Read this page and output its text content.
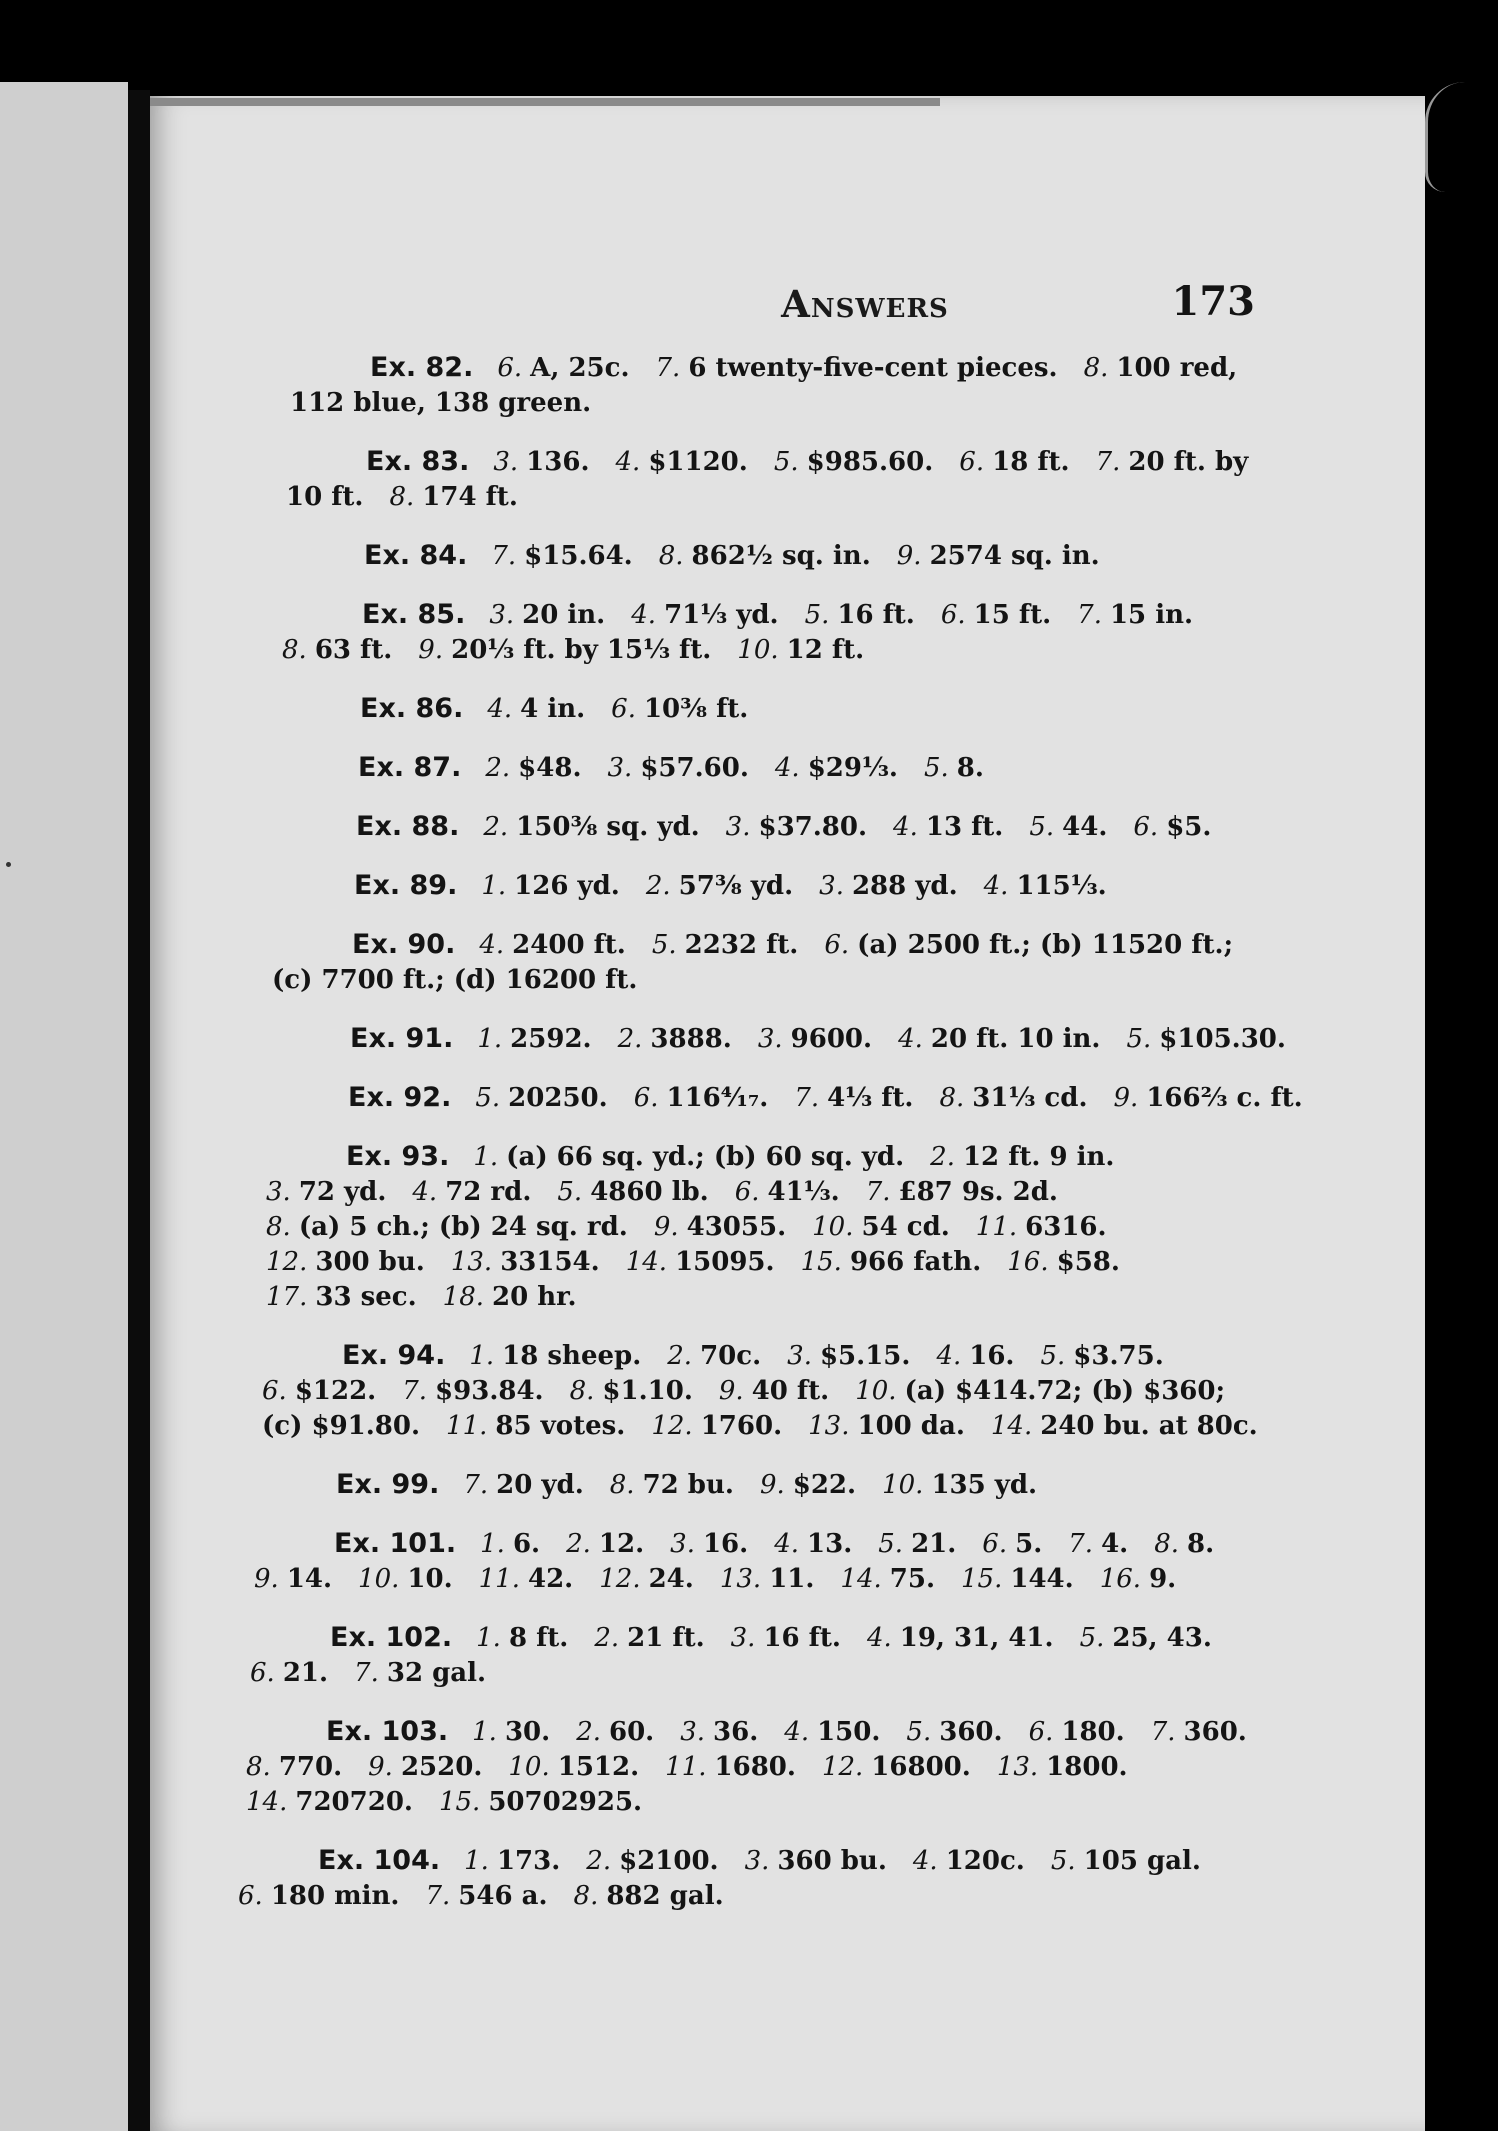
Answers	173
Ex. 82. 6. A, 25c. 7. 6 twenty-five-cent pieces. 8. 100 red,
112 blue, 138 green.
Ex. 83. 3. 136. 4. $1120. 5. $985.60. 6. 18 ft. 7. 20 ft. by
10 ft. 8. 174 ft.
Ex. 84. 7. $15.64. 8. 862½ sq. in. 9. 2574 sq. in.
Ex. 85. 3. 20 in. 4. 71⅓ yd. 5. 16 ft. 6. 15 ft. 7. 15 in.
8. 63 ft. 9. 20⅓ ft. by 15⅓ ft. 10. 12 ft.
Ex. 86. 4. 4 in. 6. 10⅜ ft.
Ex. 87. 2. $48. 3. $57.60. 4. $29⅓. 5. 8.
Ex. 88. 2. 150⅜ sq. yd. 3. $37.80. 4. 13 ft. 5. 44. 6. $5.
Ex. 89. 1. 126 yd. 2. 57⅜ yd. 3. 288 yd. 4. 115⅓.
Ex. 90. 4. 2400 ft. 5. 2232 ft. 6. (a) 2500 ft.; (b) 11520 ft.;
(c) 7700 ft.; (d) 16200 ft.
Ex. 91. 1. 2592. 2. 3888. 3. 9600. 4. 20 ft. 10 in. 5. $105.30.
Ex. 92. 5. 20250. 6. 116⁴⁄₁₇. 7. 4⅓ ft. 8. 31⅓ cd. 9. 166⅔ c. ft.
Ex. 93. 1. (a) 66 sq. yd.; (b) 60 sq. yd. 2. 12 ft. 9 in.
3. 72 yd. 4. 72 rd. 5. 4860 lb. 6. 41⅓. 7. £87 9s. 2d.
8. (a) 5 ch.; (b) 24 sq. rd. 9. 43055. 10. 54 cd. 11. 6316.
12. 300 bu. 13. 33154. 14. 15095. 15. 966 fath. 16. $58.
17. 33 sec. 18. 20 hr.
Ex. 94. 1. 18 sheep. 2. 70c. 3. $5.15. 4. 16. 5. $3.75.
6. $122. 7. $93.84. 8. $1.10. 9. 40 ft. 10. (a) $414.72; (b) $360;
(c) $91.80. 11. 85 votes. 12. 1760. 13. 100 da. 14. 240 bu. at 80c.
Ex. 99. 7. 20 yd. 8. 72 bu. 9. $22. 10. 135 yd.
Ex. 101. 1. 6. 2. 12. 3. 16. 4. 13. 5. 21. 6. 5. 7. 4. 8. 8.
9. 14. 10. 10. 11. 42. 12. 24. 13. 11. 14. 75. 15. 144. 16. 9.
Ex. 102. 1. 8 ft. 2. 21 ft. 3. 16 ft. 4. 19, 31, 41. 5. 25, 43.
6. 21. 7. 32 gal.
Ex. 103. 1. 30. 2. 60. 3. 36. 4. 150. 5. 360. 6. 180. 7. 360.
8. 770. 9. 2520. 10. 1512. 11. 1680. 12. 16800. 13. 1800.
14. 720720. 15. 50702925.
Ex. 104. 1. 173. 2. $2100. 3. 360 bu. 4. 120c. 5. 105 gal.
6. 180 min. 7. 546 a. 8. 882 gal.
